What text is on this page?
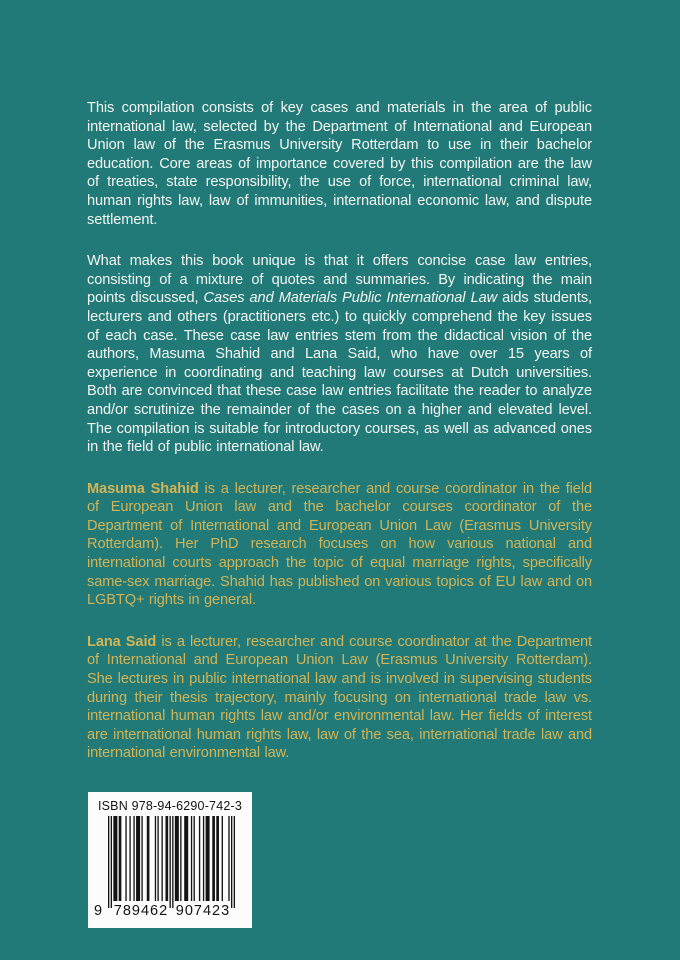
This compilation consists of key cases and materials in the area of public international law, selected by the Department of International and European Union law of the Erasmus University Rotterdam to use in their bachelor education. Core areas of importance covered by this compilation are the law of treaties, state responsibility, the use of force, international criminal law, human rights law, law of immunities, international economic law, and dispute settlement.

What makes this book unique is that it offers concise case law entries, consisting of a mixture of quotes and summaries. By indicating the main points discussed, Cases and Materials Public International Law aids students, lecturers and others (practitioners etc.) to quickly comprehend the key issues of each case. These case law entries stem from the didactical vision of the authors, Masuma Shahid and Lana Said, who have over 15 years of experience in coordinating and teaching law courses at Dutch universities. Both are convinced that these case law entries facilitate the reader to analyze and/or scrutinize the remainder of the cases on a higher and elevated level. The compilation is suitable for introductory courses, as well as advanced ones in the field of public international law.

Masuma Shahid is a lecturer, researcher and course coordinator in the field of European Union law and the bachelor courses coordinator of the Department of International and European Union Law (Erasmus University Rotterdam). Her PhD research focuses on how various national and international courts approach the topic of equal marriage rights, specifically same-sex marriage. Shahid has published on various topics of EU law and on LGBTQ+ rights in general.

Lana Said is a lecturer, researcher and course coordinator at the Department of International and European Union Law (Erasmus University Rotterdam). She lectures in public international law and is involved in supervising students during their thesis trajectory, mainly focusing on international trade law vs. international human rights law and/or environmental law. Her fields of interest are international human rights law, law of the sea, international trade law and international environmental law.

ISBN 978-94-6290-742-3
9 789462 907423
